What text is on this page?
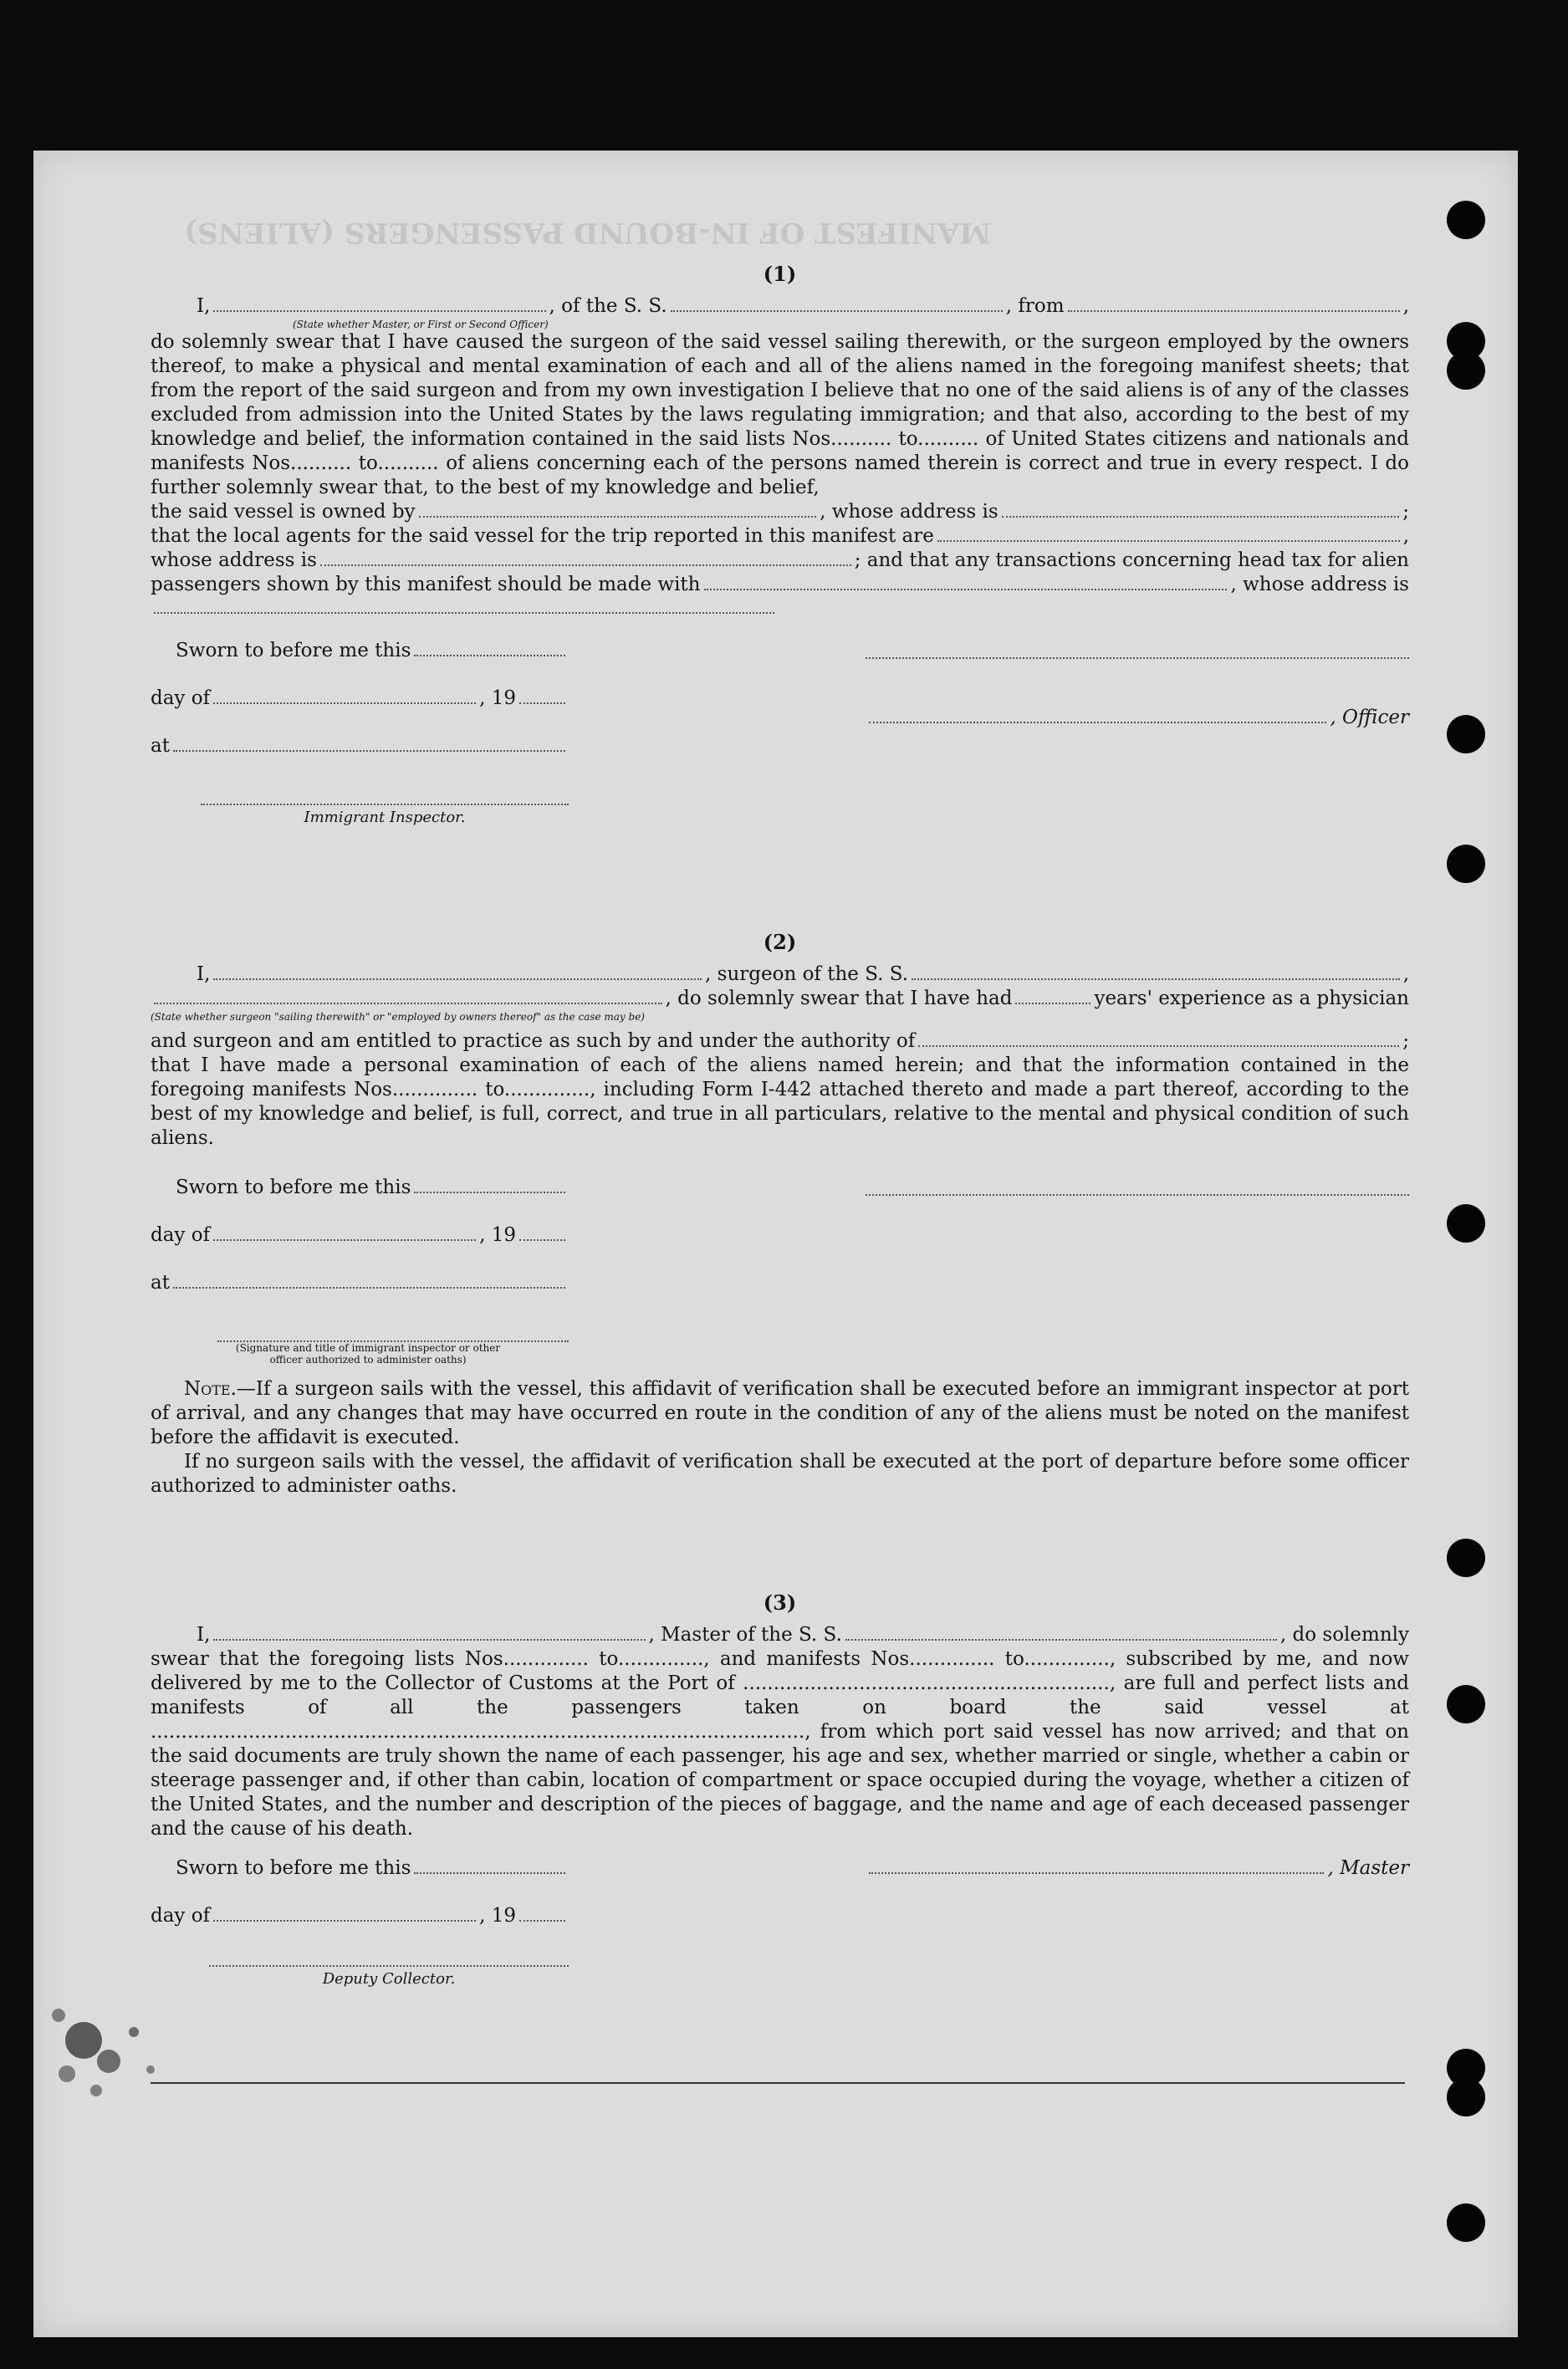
MANIFEST OF IN-BOUND PASSENGERS (ALIENS)
(1)
I,	, of the S. S.	, from	,
(State whether Master, or First or Second Officer)
do solemnly swear that I have caused the surgeon of the said vessel sailing therewith, or the surgeon employed by the owners thereof, to make a physical and mental examination of each and all of the aliens named in the foregoing manifest sheets; that from the report of the said surgeon and from my own investigation I believe that no one of the said aliens is of any of the classes excluded from admission into the United States by the laws regulating immigration; and that also, according to the best of my knowledge and belief, the information contained in the said lists Nos.......... to.......... of United States citizens and nationals and manifests Nos.......... to.......... of aliens concerning each of the persons named therein is correct and true in every respect. I do further solemnly swear that, to the best of my knowledge and belief,
the said vessel is owned by	, whose address is	;
that the local agents for the said vessel for the trip reported in this manifest are	,
whose address is	; and that any transactions concerning head tax for alien
passengers shown by this manifest should be made with	, whose address is
Sworn to before me this
day of	, 19
at
Immigrant Inspector.
, Officer
(2)
I,	, surgeon of the S. S.	,
, do solemnly swear that I have had	years' experience as a physician
(State whether surgeon "sailing therewith" or "employed by owners thereof" as the case may be)
and surgeon and am entitled to practice as such by and under the authority of	;
that I have made a personal examination of each of the aliens named herein; and that the information contained in the foregoing manifests Nos.............. to.............., including Form I-442 attached thereto and made a part thereof, according to the best of my knowledge and belief, is full, correct, and true in all particulars, relative to the mental and physical condition of such aliens.
Sworn to before me this
day of	, 19
at
(Signature and title of immigrant inspector or other officer authorized to administer oaths)
Note.—If a surgeon sails with the vessel, this affidavit of verification shall be executed before an immigrant inspector at port of arrival, and any changes that may have occurred en route in the condition of any of the aliens must be noted on the manifest before the affidavit is executed.
If no surgeon sails with the vessel, the affidavit of verification shall be executed at the port of departure before some officer authorized to administer oaths.
(3)
I,	, Master of the S. S.	, do solemnly
swear that the foregoing lists Nos.............. to.............., and manifests Nos.............. to.............., subscribed by me, and now delivered by me to the Collector of Customs at the Port of ............................................................, are full and perfect lists and manifests of all the passengers taken on board the said vessel at ..........................................................................................................., from which port said vessel has now arrived; and that on the said documents are truly shown the name of each passenger, his age and sex, whether married or single, whether a cabin or steerage passenger and, if other than cabin, location of compartment or space occupied during the voyage, whether a citizen of the United States, and the number and description of the pieces of baggage, and the name and age of each deceased passenger and the cause of his death.
Sworn to before me this
day of	, 19
Deputy Collector.
, Master
